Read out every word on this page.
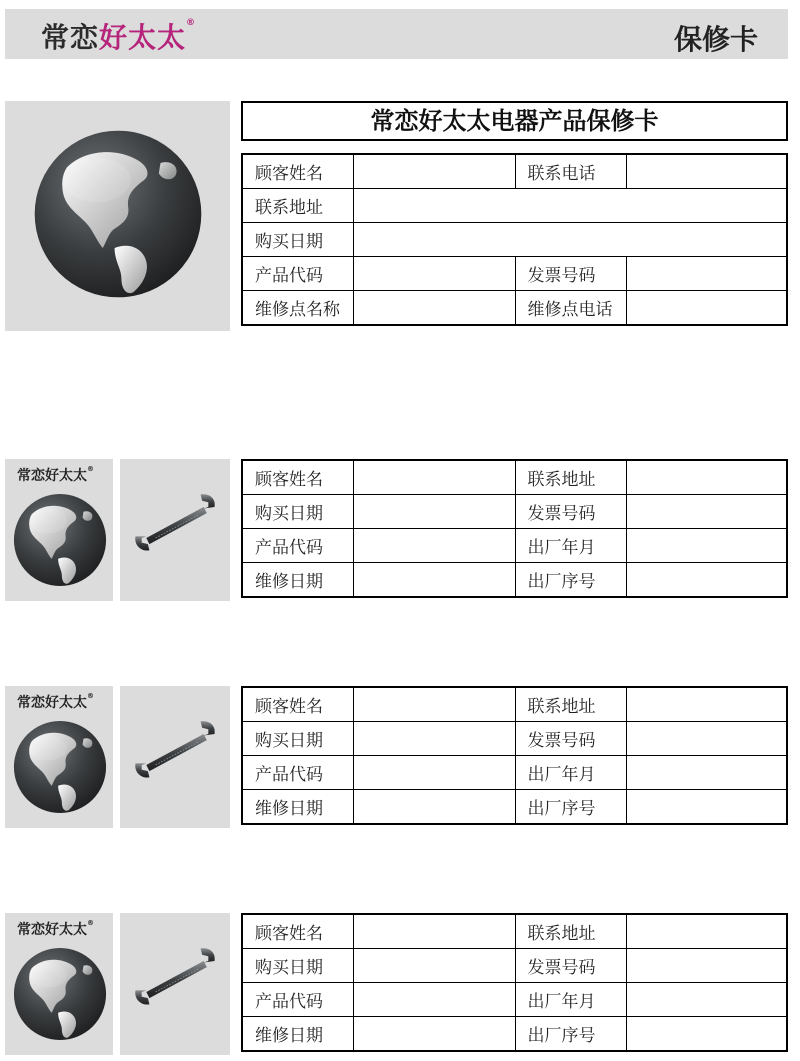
常恋好太太®	保修卡
常恋好太太电器产品保修卡
顾客姓名		联系电话	
联系地址			
购买日期			
产品代码		发票号码	
维修点名称		维修点电话	
常恋好太太®
顾客姓名		联系地址	
购买日期		发票号码	
产品代码		出厂年月	
维修日期		出厂序号	
常恋好太太®
顾客姓名		联系地址	
购买日期		发票号码	
产品代码		出厂年月	
维修日期		出厂序号	
常恋好太太®
顾客姓名		联系地址	
购买日期		发票号码	
产品代码		出厂年月	
维修日期		出厂序号	
